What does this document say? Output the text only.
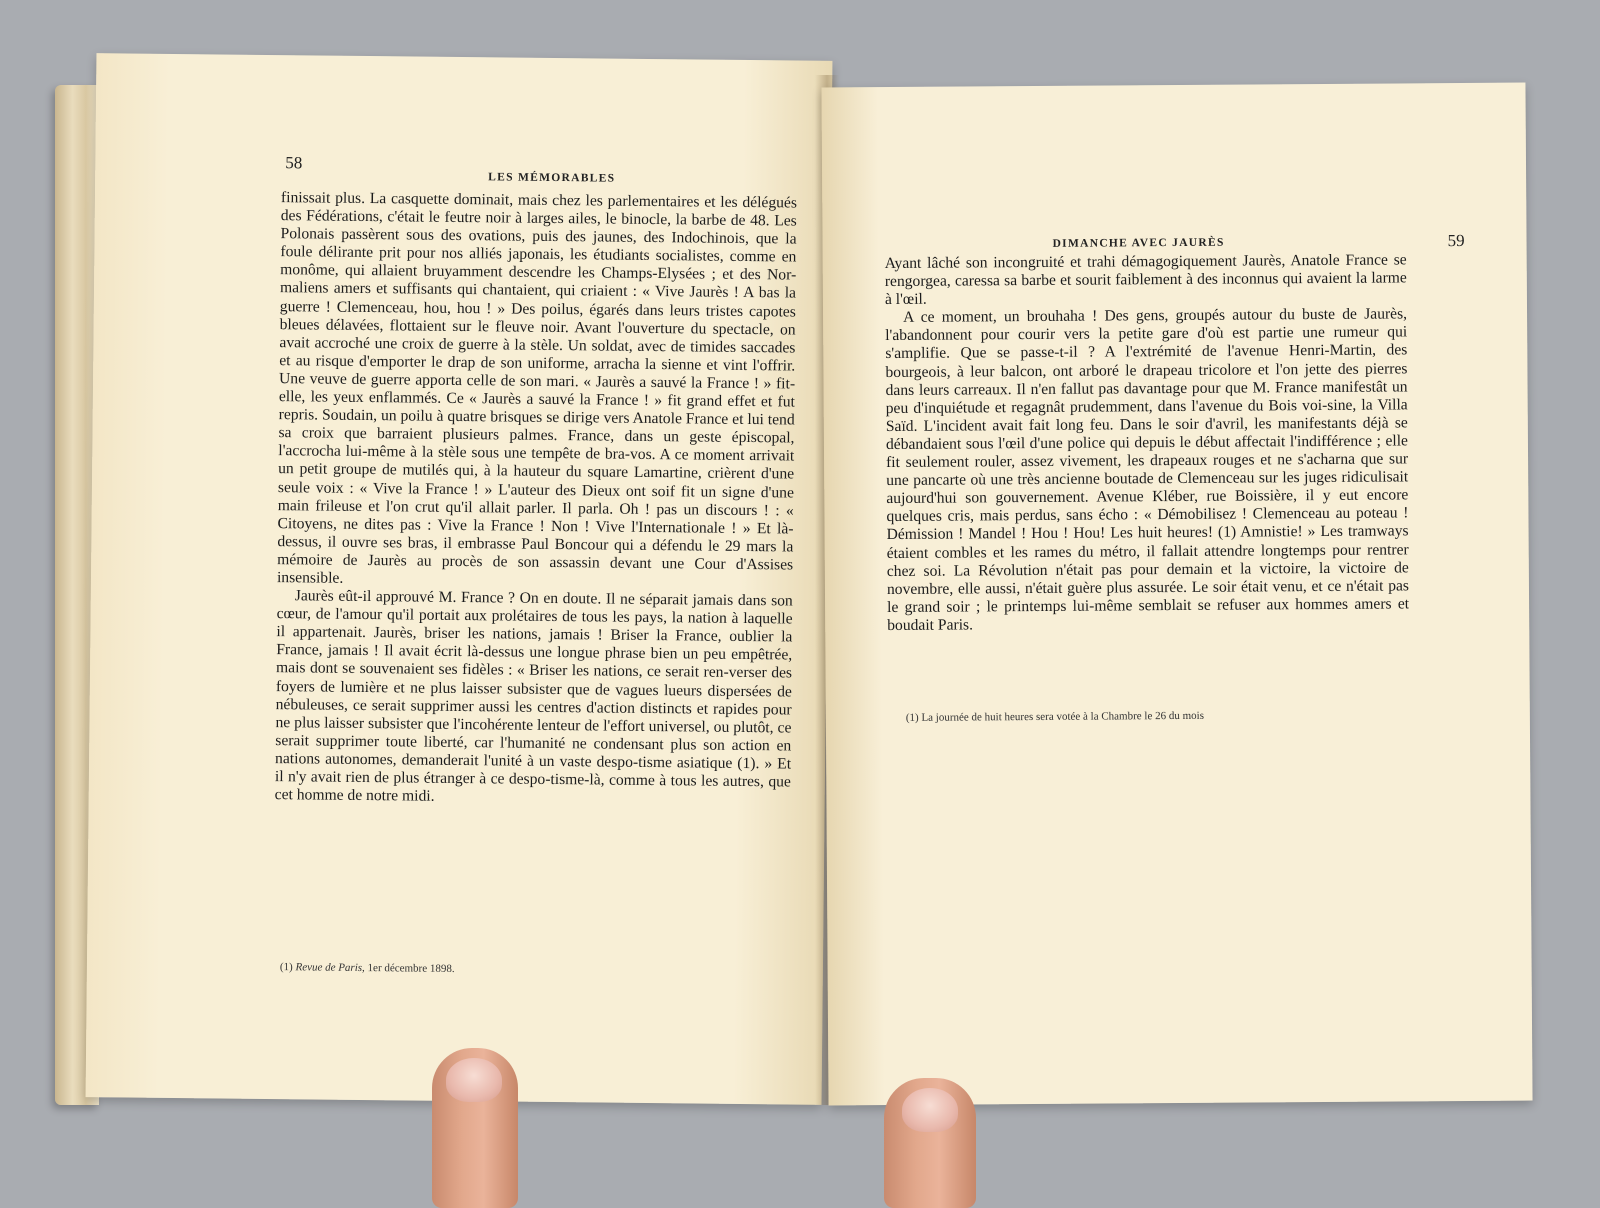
58
LES MÉMORABLES

finissait plus. La casquette dominait, mais chez les parlementaires et les délégués des Fédérations, c'était le feutre noir à larges ailes, le binocle, la barbe de 48. Les Polonais passèrent sous des ovations, puis des jaunes, des Indochinois, que la foule délirante prit pour nos alliés japonais, les étudiants socialistes, comme en monôme, qui allaient bruyamment descendre les Champs-Elysées ; et des Nor-maliens amers et suffisants qui chantaient, qui criaient : « Vive Jaurès ! A bas la guerre ! Clemenceau, hou, hou ! » Des poilus, égarés dans leurs tristes capotes bleues délavées, flottaient sur le fleuve noir. Avant l'ouverture du spectacle, on avait accroché une croix de guerre à la stèle. Un soldat, avec de timides saccades et au risque d'emporter le drap de son uniforme, arracha la sienne et vint l'offrir. Une veuve de guerre apporta celle de son mari. « Jaurès a sauvé la France ! » fit-elle, les yeux enflammés. Ce « Jaurès a sauvé la France ! » fit grand effet et fut repris. Soudain, un poilu à quatre brisques se dirige vers Anatole France et lui tend sa croix que barraient plusieurs palmes. France, dans un geste épiscopal, l'accrocha lui-même à la stèle sous une tempête de bra-vos. A ce moment arrivait un petit groupe de mutilés qui, à la hauteur du square Lamartine, crièrent d'une seule voix : « Vive la France ! » L'auteur des Dieux ont soif fit un signe d'une main frileuse et l'on crut qu'il allait parler. Il parla. Oh ! pas un discours ! : « Citoyens, ne dites pas : Vive la France ! Non ! Vive l'Internationale ! » Et là-dessus, il ouvre ses bras, il embrasse Paul Boncour qui a défendu le 29 mars la mémoire de Jaurès au procès de son assassin devant une Cour d'Assises insensible.

Jaurès eût-il approuvé M. France ? On en doute. Il ne séparait jamais dans son cœur, de l'amour qu'il portait aux prolétaires de tous les pays, la nation à laquelle il appartenait. Jaurès, briser les nations, jamais ! Briser la France, oublier la France, jamais ! Il avait écrit là-dessus une longue phrase bien un peu empêtrée, mais dont se souvenaient ses fidèles : « Briser les nations, ce serait ren-verser des foyers de lumière et ne plus laisser subsister que de vagues lueurs dispersées de nébuleuses, ce serait supprimer aussi les centres d'action distincts et rapides pour ne plus laisser subsister que l'incohérente lenteur de l'effort universel, ou plutôt, ce serait supprimer toute liberté, car l'humanité ne condensant plus son action en nations autonomes, demanderait l'unité à un vaste despo-tisme asiatique (1). » Et il n'y avait rien de plus étranger à ce despo-tisme-là, comme à tous les autres, que cet homme de notre midi.

(1) Revue de Paris, 1er décembre 1898.
59
DIMANCHE AVEC JAURÈS

Ayant lâché son incongruité et trahi démagogiquement Jaurès, Anatole France se rengorgea, caressa sa barbe et sourit faiblement à des inconnus qui avaient la larme à l'œil.

A ce moment, un brouhaha ! Des gens, groupés autour du buste de Jaurès, l'abandonnent pour courir vers la petite gare d'où est partie une rumeur qui s'amplifie. Que se passe-t-il ? A l'extrémité de l'avenue Henri-Martin, des bourgeois, à leur balcon, ont arboré le drapeau tricolore et l'on jette des pierres dans leurs carreaux. Il n'en fallut pas davantage pour que M. France manifestât un peu d'inquiétude et regagnât prudemment, dans l'avenue du Bois voi-sine, la Villa Saïd. L'incident avait fait long feu. Dans le soir d'avril, les manifestants déjà se débandaient sous l'œil d'une police qui depuis le début affectait l'indifférence ; elle fit seulement rouler, assez vivement, les drapeaux rouges et ne s'acharna que sur une pancarte où une très ancienne boutade de Clemenceau sur les juges ridiculisait aujourd'hui son gouvernement. Avenue Kléber, rue Boissière, il y eut encore quelques cris, mais perdus, sans écho : « Démobilisez ! Clemenceau au poteau ! Démission ! Mandel ! Hou ! Hou! Les huit heures! (1) Amnistie! » Les tramways étaient combles et les rames du métro, il fallait attendre longtemps pour rentrer chez soi. La Révolution n'était pas pour demain et la victoire, la victoire de novembre, elle aussi, n'était guère plus assurée. Le soir était venu, et ce n'était pas le grand soir ; le printemps lui-même semblait se refuser aux hommes amers et boudait Paris.

(1) La journée de huit heures sera votée à la Chambre le 26 du mois
